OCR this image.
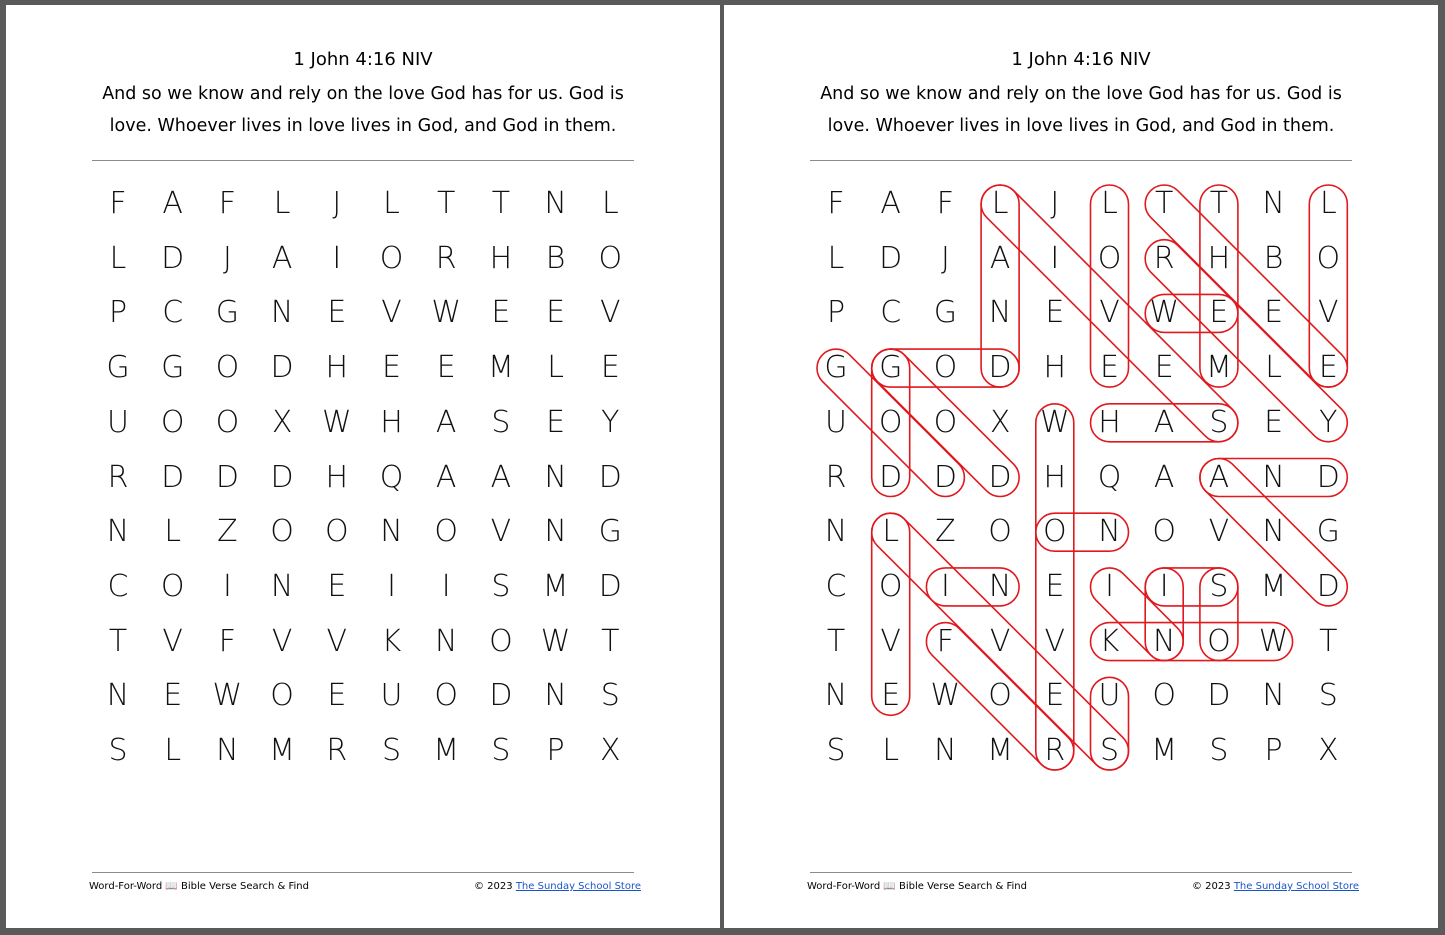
1 John 4:16 NIV
And so we know and rely on the love God has for us. God is
love. Whoever lives in love lives in God, and God in them.
F	A	F	L	J	L	T	T	N	L
L	D	J	A	I	O	R	H	B	O
P	C	G N	E	V W	E	E	V
G G O D H	E	E	M	L	E
U	O O	X W H	A	S	E	Y
R	D D D H Q	A	A	N D
N	L	Z	O O N O	V	N G
C	O	I	N	E	I	I	S	M D
T	V	F	V	V	K	N O W	T
N	E	W O	E	U	O D N	S
S	L	N M	R	S	M	S	P	X
Word-For-Word 📖 Bible Verse Search & Find	© 2023 The Sunday School Store
1 John 4:16 NIV
And so we know and rely on the love God has for us. God is
love. Whoever lives in love lives in God, and God in them.
F	A	F	L	J	L	T	T	N	L
L	D	J	A	I	O	R	H	B	O
P	C	G N	E	V W	E	E	V
G G O D H	E	E	M	L	E
U	O O	X W H	A	S	E	Y
R	D D D H Q	A	A	N D
N	L	Z	O O N O	V	N G
C	O	I	N	E	I	I	S	M D
T	V	F	V	V	K	N O W	T
N	E	W O	E	U	O D N	S
S	L	N M	R	S	M	S	P	X
Word-For-Word 📖 Bible Verse Search & Find	© 2023 The Sunday School Store
